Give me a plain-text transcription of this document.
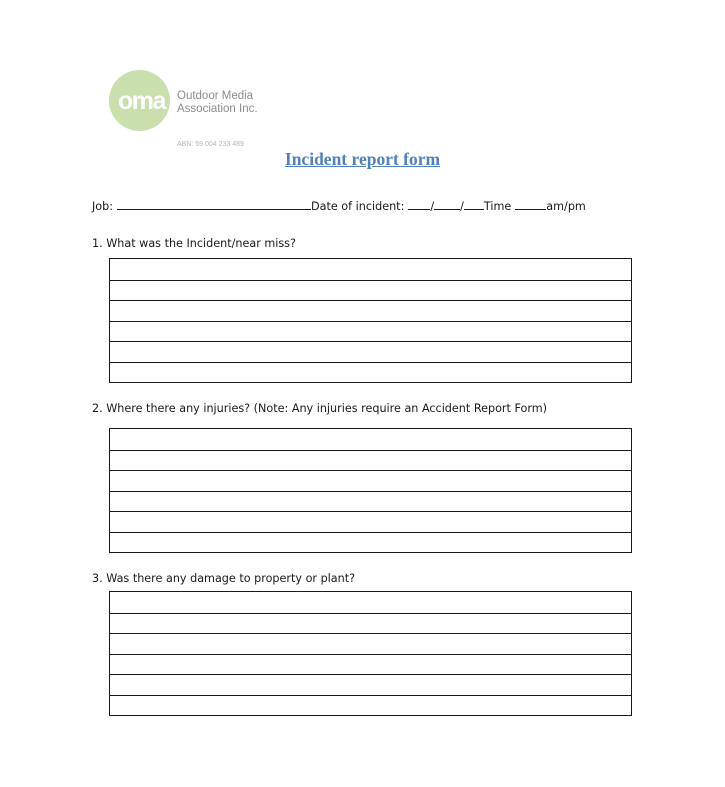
oma Outdoor Media
Association Inc.
ABN: 59 004 233 489
Incident report form
Job:	Date of incident: / / Time	am/pm
1. What was the Incident/near miss?
2. Where there any injuries? (Note: Any injuries require an Accident Report Form)
3. Was there any damage to property or plant?
